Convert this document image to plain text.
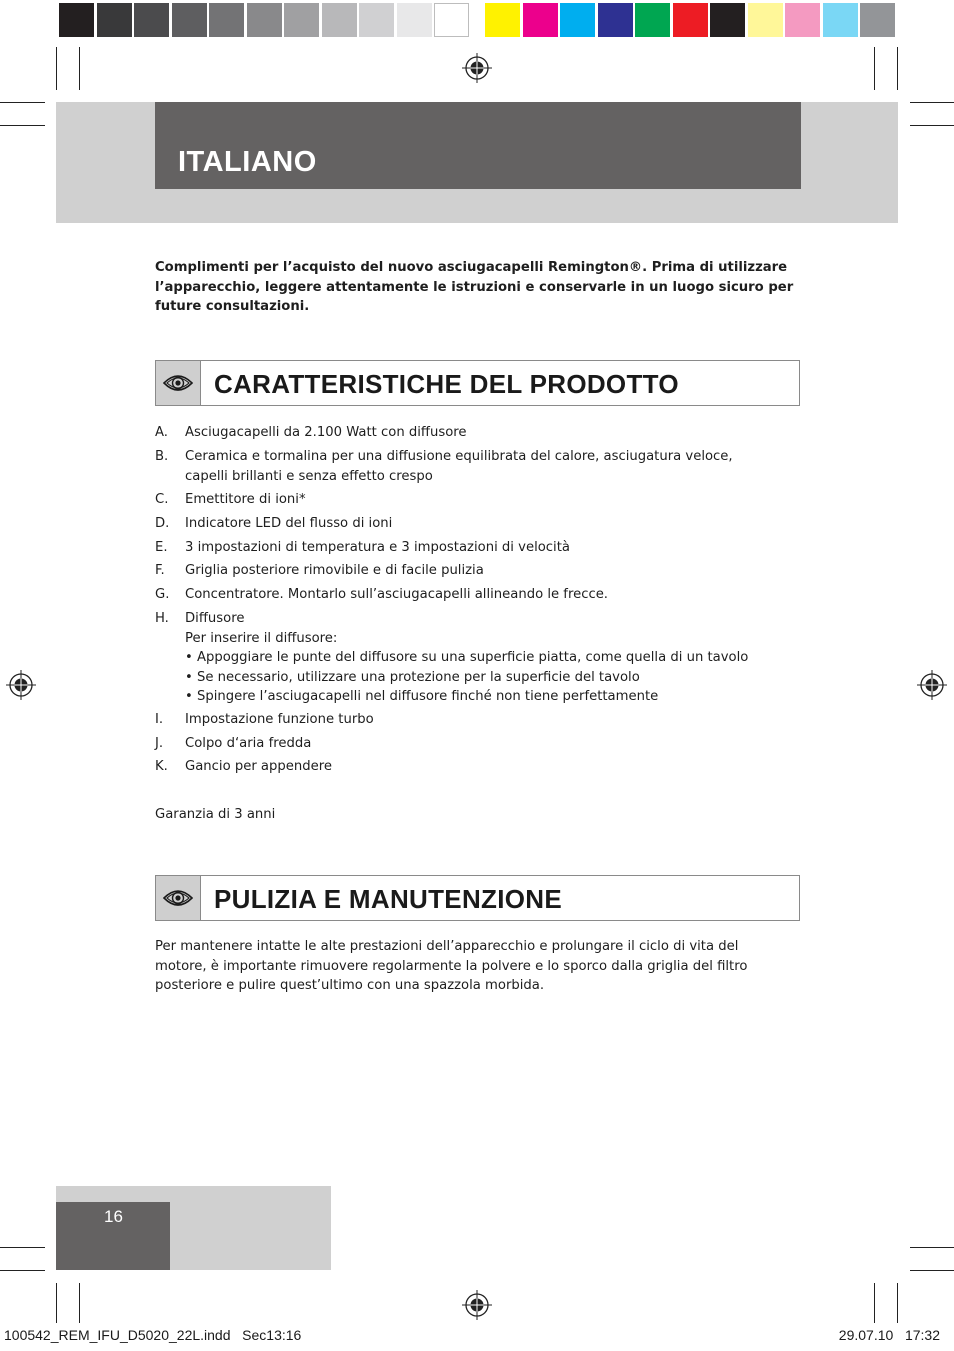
ITALIANO
Complimenti per l’acquisto del nuovo asciugacapelli Remington®. Prima di utilizzare l’apparecchio, leggere attentamente le istruzioni e conservarle in un luogo sicuro per future consultazioni.
CARATTERISTICHE DEL PRODOTTO
A. Asciugacapelli da 2.100 Watt con diffusore
B. Ceramica e tormalina per una diffusione equilibrata del calore, asciugatura veloce, capelli brillanti e senza effetto crespo
C. Emettitore di ioni*
D. Indicatore LED del flusso di ioni
E. 3 impostazioni di temperatura e 3 impostazioni di velocità
F. Griglia posteriore rimovibile e di facile pulizia
G. Concentratore. Montarlo sull’asciugacapelli allineando le frecce.
H. Diffusore
Per inserire il diffusore:
• Appoggiare le punte del diffusore su una superficie piatta, come quella di un tavolo
• Se necessario, utilizzare una protezione per la superficie del tavolo
• Spingere l’asciugacapelli nel diffusore finché non tiene perfettamente
I. Impostazione funzione turbo
J. Colpo d‘aria fredda
K. Gancio per appendere
Garanzia di 3 anni
PULIZIA E MANUTENZIONE
Per mantenere intatte le alte prestazioni dell’apparecchio e prolungare il ciclo di vita del motore, è importante rimuovere regolarmente la polvere e lo sporco dalla griglia del filtro posteriore e pulire quest’ultimo con una spazzola morbida.
16
100542_REM_IFU_D5020_22L.indd   Sec13:16	29.07.10   17:32
